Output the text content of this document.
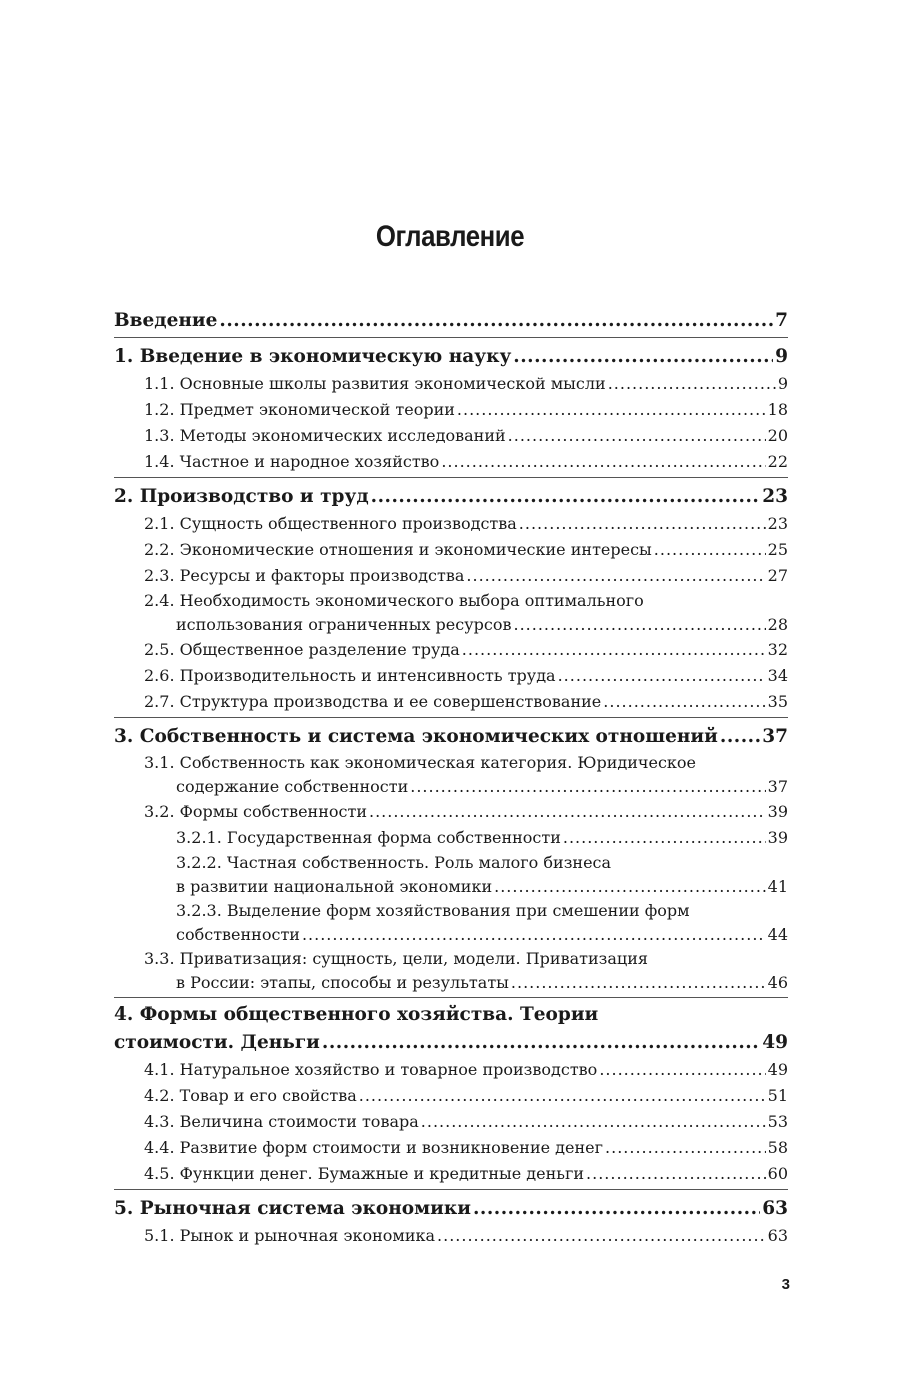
Оглавление
Введение .....	7
1. Введение в экономическую науку .....	9
1.1. Основные школы развития экономической мысли .....	9
1.2. Предмет экономической теории .....	18
1.3. Методы экономических исследований .....	20
1.4. Частное и народное хозяйство .....	22
2. Производство и труд .....	23
2.1. Сущность общественного производства .....	23
2.2. Экономические отношения и экономические интересы .....	25
2.3. Ресурсы и факторы производства .....	27
2.4. Необходимость экономического выбора оптимального
использования ограниченных ресурсов .....	28
2.5. Общественное разделение труда .....	32
2.6. Производительность и интенсивность труда .....	34
2.7. Структура производства и ее совершенствование .....	35
3. Собственность и система экономических отношений ..... 37
3.1. Собственность как экономическая категория. Юридическое
содержание собственности .....	37
3.2. Формы собственности .....	39
3.2.1. Государственная форма собственности .....	39
3.2.2. Частная собственность. Роль малого бизнеса
в развитии национальной экономики .....	41
3.2.3. Выделение форм хозяйствования при смешении форм
собственности .....	44
3.3. Приватизация: сущность, цели, модели. Приватизация
в России: этапы, способы и результаты .....	46
4. Формы общественного хозяйства. Теории
стоимости. Деньги .....	49
4.1. Натуральное хозяйство и товарное производство .....	49
4.2. Товар и его свойства .....	51
4.3. Величина стоимости товара .....	53
4.4. Развитие форм стоимости и возникновение денег .....	58
4.5. Функции денег. Бумажные и кредитные деньги .....	60
5. Рыночная система экономики .....	63
5.1. Рынок и рыночная экономика .....	63
3
